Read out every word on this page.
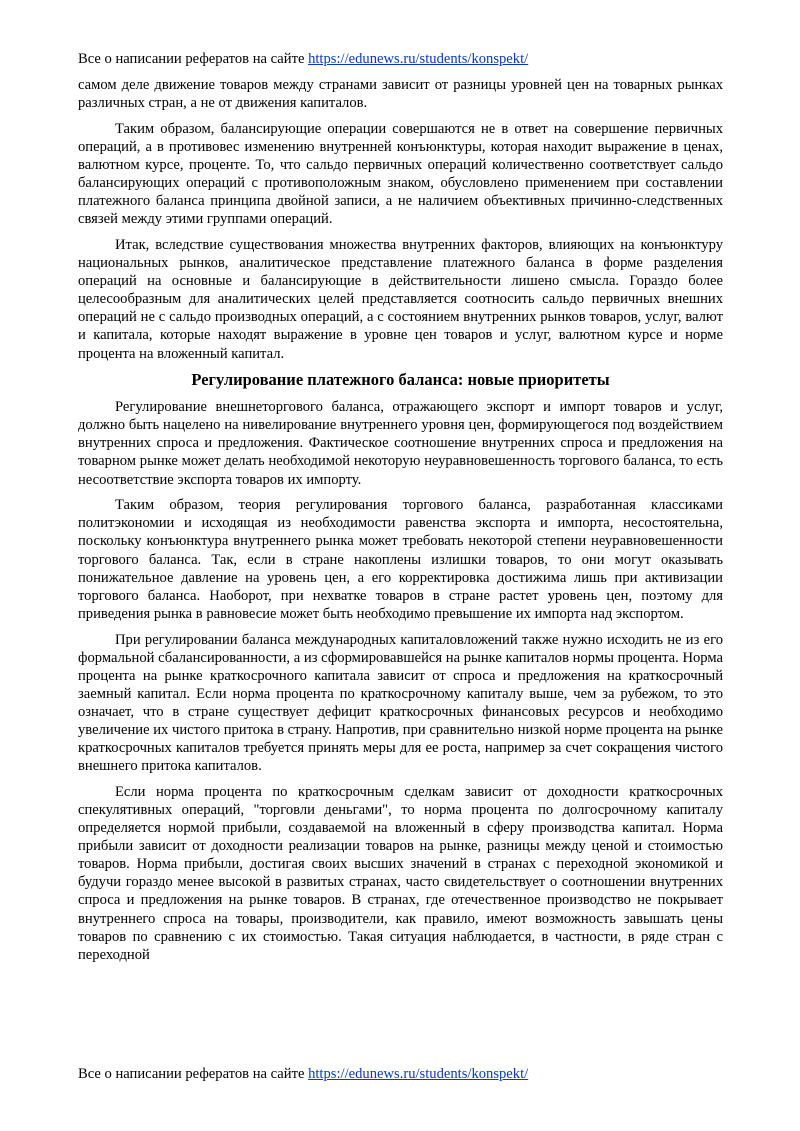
Все о написании рефератов на сайте https://edunews.ru/students/konspekt/

самом деле движение товаров между странами зависит от разницы уровней цен на товарных рынках различных стран, а не от движения капиталов.

Таким образом, балансирующие операции совершаются не в ответ на совершение первичных операций, а в противовес изменению внутренней конъюнктуры, которая находит выражение в ценах, валютном курсе, проценте. То, что сальдо первичных операций количественно соответствует сальдо балансирующих операций с противоположным знаком, обусловлено применением при составлении платежного баланса принципа двойной записи, а не наличием объективных причинно-следственных связей между этими группами операций.

Итак, вследствие существования множества внутренних факторов, влияющих на конъюнктуру национальных рынков, аналитическое представление платежного баланса в форме разделения операций на основные и балансирующие в действительности лишено смысла. Гораздо более целесообразным для аналитических целей представляется соотносить сальдо первичных внешних операций не с сальдо производных операций, а с состоянием внутренних рынков товаров, услуг, валют и капитала, которые находят выражение в уровне цен товаров и услуг, валютном курсе и норме процента на вложенный капитал.

Регулирование платежного баланса: новые приоритеты

Регулирование внешнеторгового баланса, отражающего экспорт и импорт товаров и услуг, должно быть нацелено на нивелирование внутреннего уровня цен, формирующегося под воздействием внутренних спроса и предложения. Фактическое соотношение внутренних спроса и предложения на товарном рынке может делать необходимой некоторую неуравновешенность торгового баланса, то есть несоответствие экспорта товаров их импорту.

Таким образом, теория регулирования торгового баланса, разработанная классиками политэкономии и исходящая из необходимости равенства экспорта и импорта, несостоятельна, поскольку конъюнктура внутреннего рынка может требовать некоторой степени неуравновешенности торгового баланса. Так, если в стране накоплены излишки товаров, то они могут оказывать понижательное давление на уровень цен, а его корректировка достижима лишь при активизации торгового баланса. Наоборот, при нехватке товаров в стране растет уровень цен, поэтому для приведения рынка в равновесие может быть необходимо превышение их импорта над экспортом.

При регулировании баланса международных капиталовложений также нужно исходить не из его формальной сбалансированности, а из сформировавшейся на рынке капиталов нормы процента. Норма процента на рынке краткосрочного капитала зависит от спроса и предложения на краткосрочный заемный капитал. Если норма процента по краткосрочному капиталу выше, чем за рубежом, то это означает, что в стране существует дефицит краткосрочных финансовых ресурсов и необходимо увеличение их чистого притока в страну. Напротив, при сравнительно низкой норме процента на рынке краткосрочных капиталов требуется принять меры для ее роста, например за счет сокращения чистого внешнего притока капиталов.

Если норма процента по краткосрочным сделкам зависит от доходности краткосрочных спекулятивных операций, "торговли деньгами", то норма процента по долгосрочному капиталу определяется нормой прибыли, создаваемой на вложенный в сферу производства капитал. Норма прибыли зависит от доходности реализации товаров на рынке, разницы между ценой и стоимостью товаров. Норма прибыли, достигая своих высших значений в странах с переходной экономикой и будучи гораздо менее высокой в развитых странах, часто свидетельствует о соотношении внутренних спроса и предложения на рынке товаров. В странах, где отечественное производство не покрывает внутреннего спроса на товары, производители, как правило, имеют возможность завышать цены товаров по сравнению с их стоимостью. Такая ситуация наблюдается, в частности, в ряде стран с переходной

Все о написании рефератов на сайте https://edunews.ru/students/konspekt/
